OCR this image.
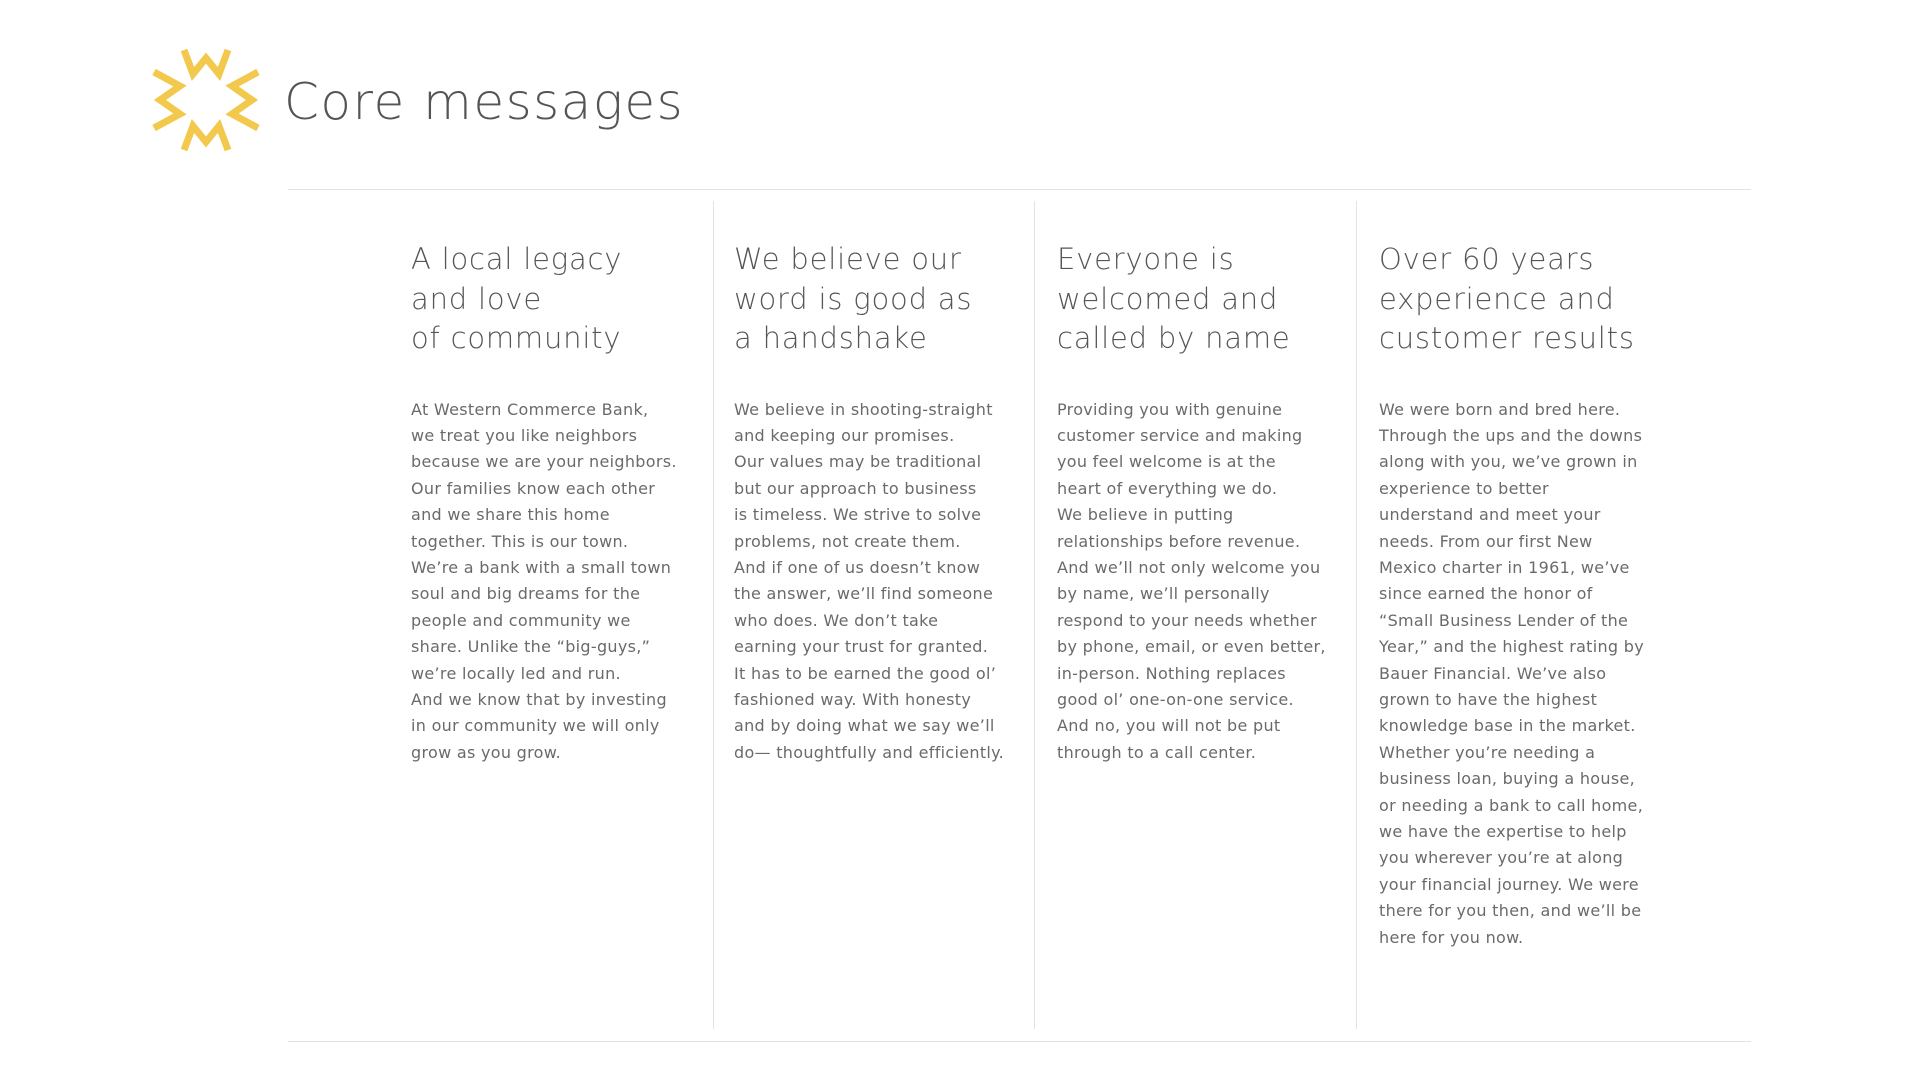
Core messages
A local legacy
and love
of community

At Western Commerce Bank,
we treat you like neighbors
because we are your neighbors.
Our families know each other
and we share this home
together. This is our town.
We’re a bank with a small town
soul and big dreams for the
people and community we
share. Unlike the “big-guys,”
we’re locally led and run.
And we know that by investing
in our community we will only
grow as you grow.

We believe our
word is good as
a handshake

We believe in shooting-straight
and keeping our promises.
Our values may be traditional
but our approach to business
is timeless. We strive to solve
problems, not create them.
And if one of us doesn’t know
the answer, we’ll find someone
who does. We don’t take
earning your trust for granted.
It has to be earned the good ol’
fashioned way. With honesty
and by doing what we say we’ll
do— thoughtfully and efficiently.

Everyone is
welcomed and
called by name

Providing you with genuine
customer service and making
you feel welcome is at the
heart of everything we do.
We believe in putting
relationships before revenue.
And we’ll not only welcome you
by name, we’ll personally
respond to your needs whether
by phone, email, or even better,
in-person. Nothing replaces
good ol’ one-on-one service.
And no, you will not be put
through to a call center.

Over 60 years
experience and
customer results

We were born and bred here.
Through the ups and the downs
along with you, we’ve grown in
experience to better
understand and meet your
needs. From our first New
Mexico charter in 1961, we’ve
since earned the honor of
“Small Business Lender of the
Year,” and the highest rating by
Bauer Financial. We’ve also
grown to have the highest
knowledge base in the market.
Whether you’re needing a
business loan, buying a house,
or needing a bank to call home,
we have the expertise to help
you wherever you’re at along
your financial journey. We were
there for you then, and we’ll be
here for you now.
